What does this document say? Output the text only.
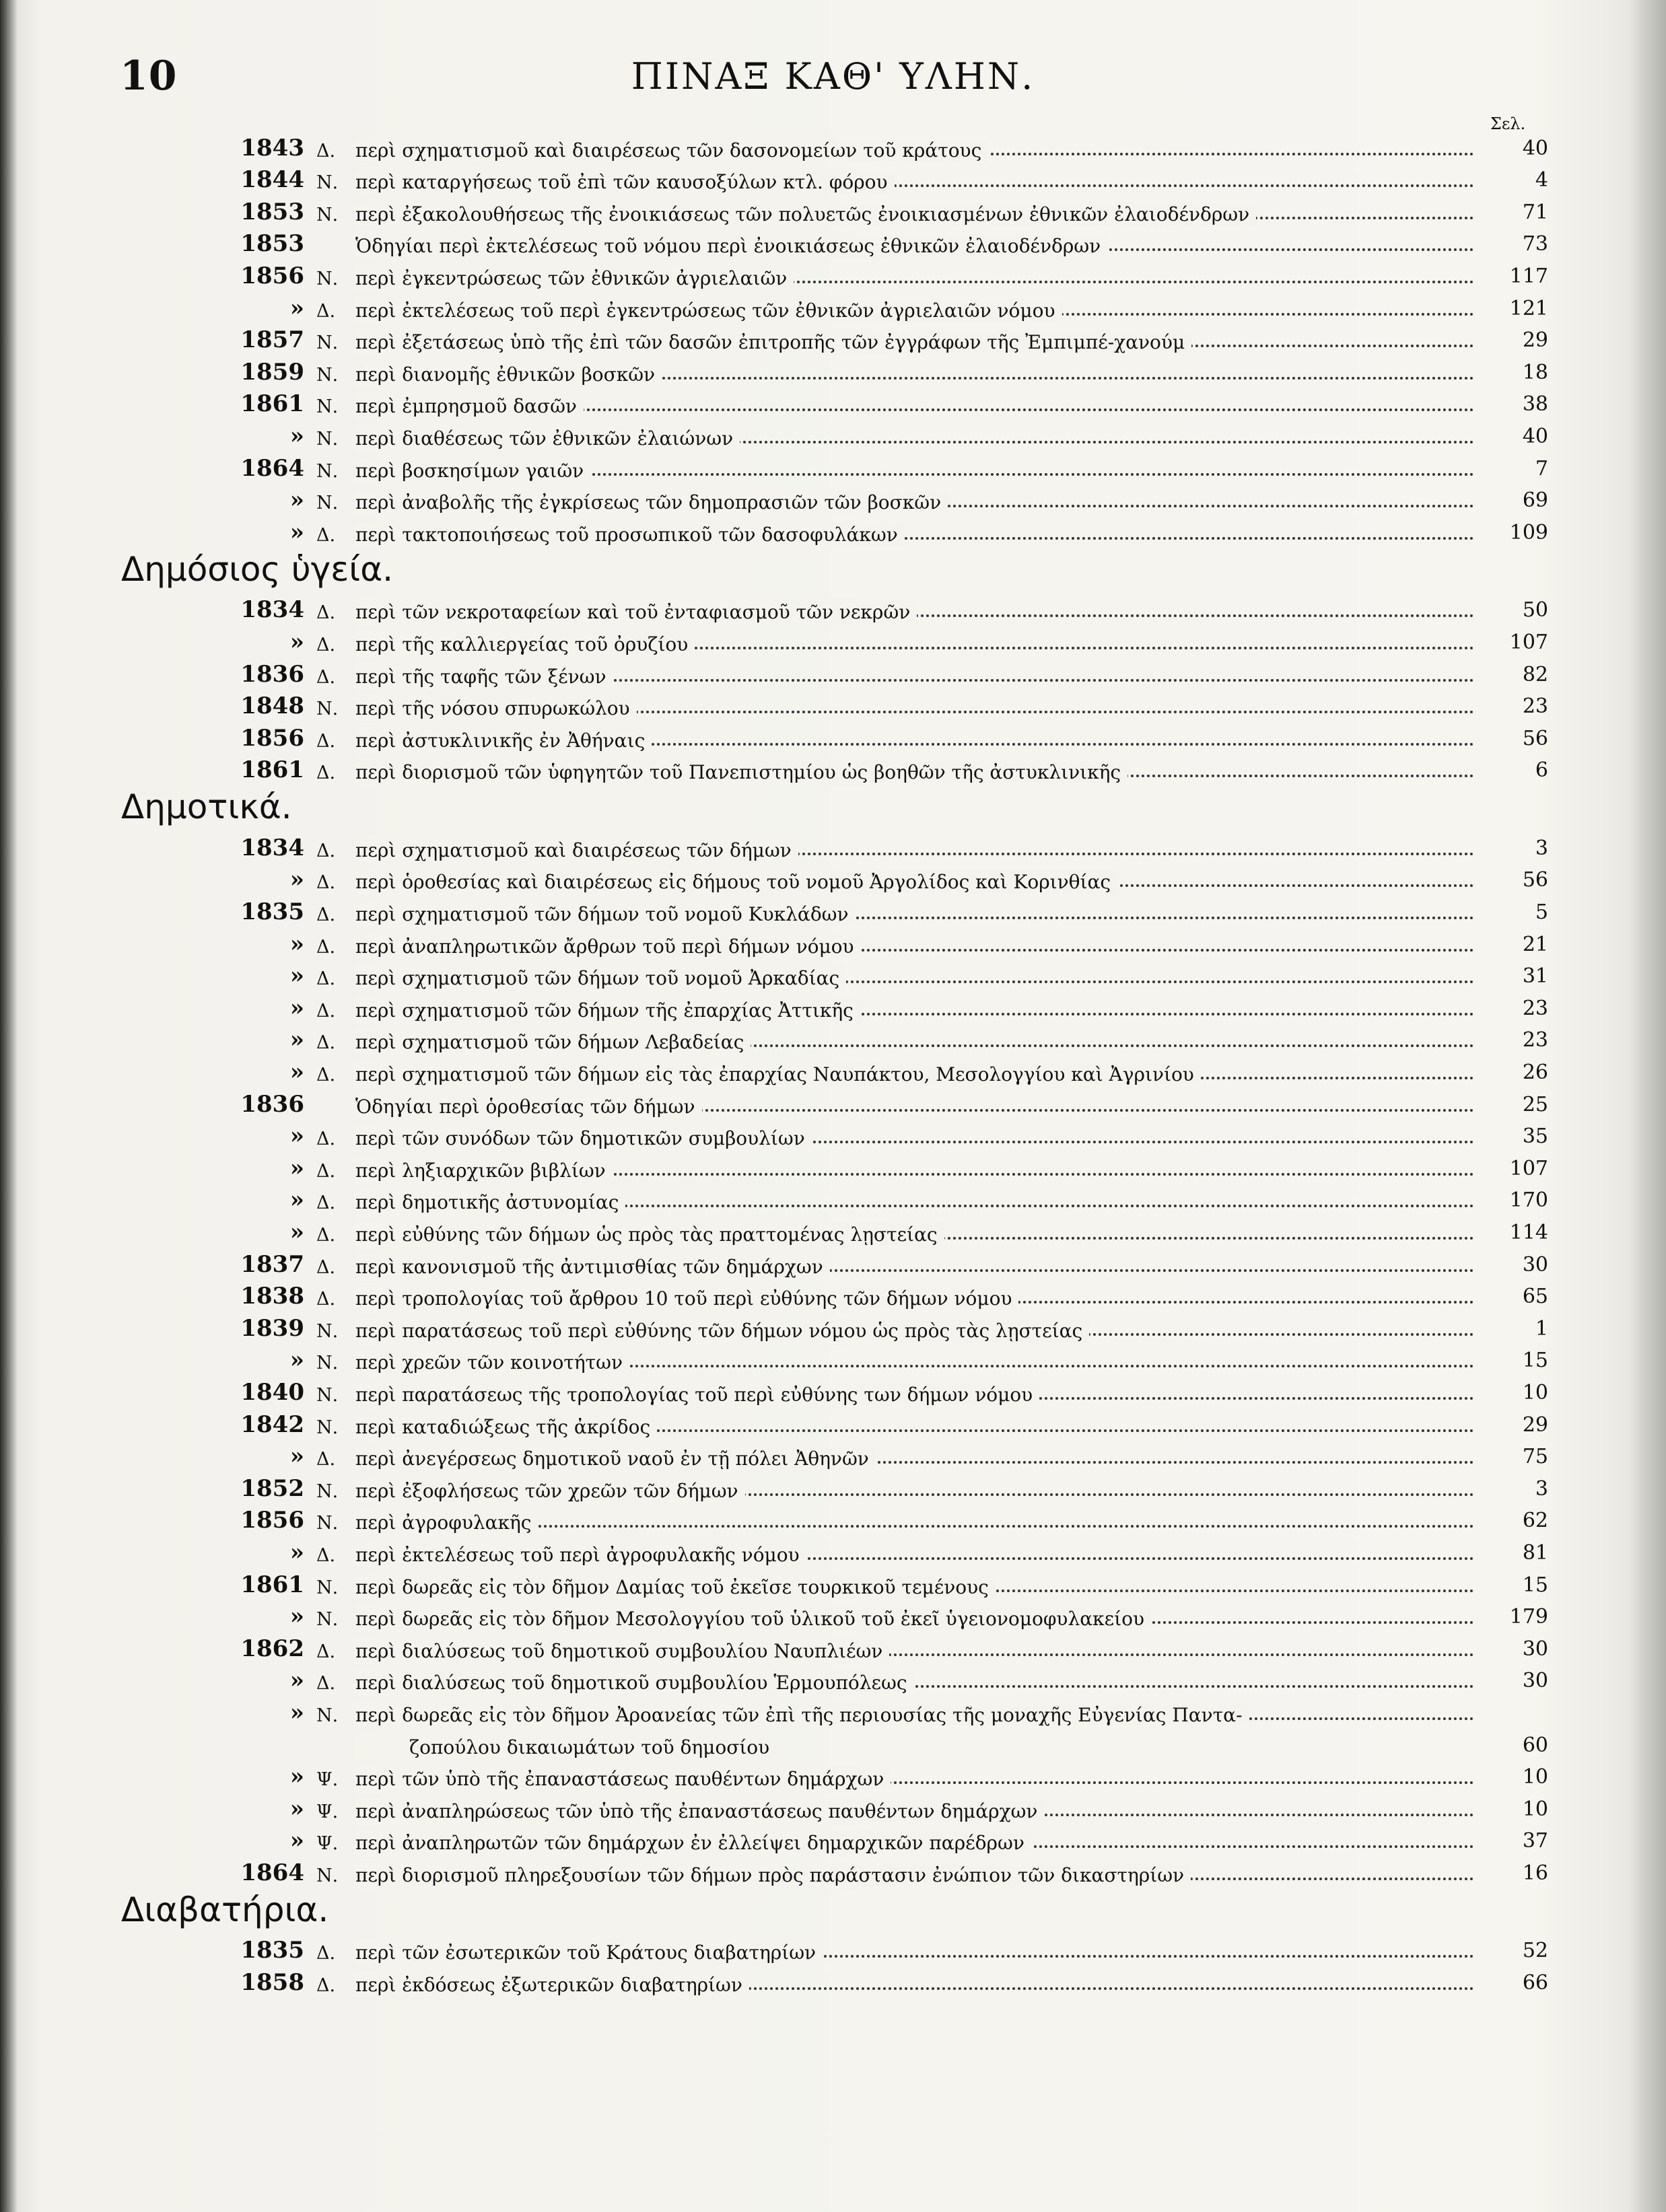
10	ΠΙΝΑΞ ΚΑΘ' ΥΛΗΝ.
Σελ.
1843 Δ.	περὶ σχηματισμοῦ καὶ διαιρέσεως τῶν δασονομείων τοῦ κράτους	40
1844 Ν. περὶ καταργήσεως τοῦ ἐπὶ τῶν καυσοξύλων κτλ. φόρου	4
1853 Ν. περὶ ἐξακολουθήσεως τῆς ἐνοικιάσεως τῶν πολυετῶς ἐνοικιασμένων ἐθνικῶν ἐλαιοδένδρων	71
1853	Ὁδηγίαι περὶ ἐκτελέσεως τοῦ νόμου περὶ ἐνοικιάσεως ἐθνικῶν ἐλαιοδένδρων	73
1856 Ν. περὶ ἐγκεντρώσεως τῶν ἐθνικῶν ἀγριελαιῶν	117
» Δ.	περὶ ἐκτελέσεως τοῦ περὶ ἐγκεντρώσεως τῶν ἐθνικῶν ἀγριελαιῶν νόμου	121
1857 Ν. περὶ ἐξετάσεως ὑπὸ τῆς ἐπὶ τῶν δασῶν ἐπιτροπῆς τῶν ἐγγράφων τῆς Ἐμπιμπέ-χανούμ	29
1859 Ν. περὶ διανομῆς ἐθνικῶν βοσκῶν	18
1861 Ν. περὶ ἐμπρησμοῦ δασῶν	38
» Ν. περὶ διαθέσεως τῶν ἐθνικῶν ἐλαιώνων	40
1864 Ν. περὶ βοσκησίμων γαιῶν	7
» Ν. περὶ ἀναβολῆς τῆς ἐγκρίσεως τῶν δημοπρασιῶν τῶν βοσκῶν	69
» Δ.	περὶ τακτοποιήσεως τοῦ προσωπικοῦ τῶν δασοφυλάκων	109
Δημόσιος ὑγεία.
1834 Δ.	περὶ τῶν νεκροταφείων καὶ τοῦ ἐνταφιασμοῦ τῶν νεκρῶν	50
» Δ.	περὶ τῆς καλλιεργείας τοῦ ὀρυζίου	107
1836 Δ.	περὶ τῆς ταφῆς τῶν ξένων	82
1848 Ν. περὶ τῆς νόσου σπυρωκώλου	23
1856 Δ.	περὶ ἀστυκλινικῆς ἐν Ἀθήναις	56
1861 Δ.	περὶ διορισμοῦ τῶν ὑφηγητῶν τοῦ Πανεπιστημίου ὡς βοηθῶν τῆς ἀστυκλινικῆς	6
Δημοτικά.
1834 Δ.	περὶ σχηματισμοῦ καὶ διαιρέσεως τῶν δήμων	3
» Δ.	περὶ ὁροθεσίας καὶ διαιρέσεως εἰς δήμους τοῦ νομοῦ Ἀργολίδος καὶ Κορινθίας	56
1835 Δ.	περὶ σχηματισμοῦ τῶν δήμων τοῦ νομοῦ Κυκλάδων	5
» Δ.	περὶ ἀναπληρωτικῶν ἄρθρων τοῦ περὶ δήμων νόμου	21
» Δ.	περὶ σχηματισμοῦ τῶν δήμων τοῦ νομοῦ Ἀρκαδίας	31
» Δ.	περὶ σχηματισμοῦ τῶν δήμων τῆς ἐπαρχίας Ἀττικῆς	23
» Δ.	περὶ σχηματισμοῦ τῶν δήμων Λεβαδείας	23
» Δ.	περὶ σχηματισμοῦ τῶν δήμων εἰς τὰς ἐπαρχίας Ναυπάκτου, Μεσολογγίου καὶ Ἀγρινίου	26
1836	Ὁδηγίαι περὶ ὁροθεσίας τῶν δήμων	25
» Δ.	περὶ τῶν συνόδων τῶν δημοτικῶν συμβουλίων	35
» Δ.	περὶ ληξιαρχικῶν βιβλίων	107
» Δ.	περὶ δημοτικῆς ἀστυνομίας	170
» Δ.	περὶ εὐθύνης τῶν δήμων ὡς πρὸς τὰς πραττομένας λῃστείας	114
1837 Δ.	περὶ κανονισμοῦ τῆς ἀντιμισθίας τῶν δημάρχων	30
1838 Δ.	περὶ τροπολογίας τοῦ ἄρθρου 10 τοῦ περὶ εὐθύνης τῶν δήμων νόμου	65
1839 Ν. περὶ παρατάσεως τοῦ περὶ εὐθύνης τῶν δήμων νόμου ὡς πρὸς τὰς λῃστείας	1
» Ν. περὶ χρεῶν τῶν κοινοτήτων	15
1840 Ν. περὶ παρατάσεως τῆς τροπολογίας τοῦ περὶ εὐθύνης των δήμων νόμου	10
1842 Ν. περὶ καταδιώξεως τῆς ἀκρίδος	29
» Δ.	περὶ ἀνεγέρσεως δημοτικοῦ ναοῦ ἐν τῇ πόλει Ἀθηνῶν	75
1852 Ν. περὶ ἐξοφλήσεως τῶν χρεῶν τῶν δήμων	3
1856 Ν. περὶ ἀγροφυλακῆς	62
» Δ.	περὶ ἐκτελέσεως τοῦ περὶ ἀγροφυλακῆς νόμου	81
1861 Ν. περὶ δωρεᾶς εἰς τὸν δῆμον Δαμίας τοῦ ἐκεῖσε τουρκικοῦ τεμένους	15
» Ν. περὶ δωρεᾶς εἰς τὸν δῆμον Μεσολογγίου τοῦ ὑλικοῦ τοῦ ἐκεῖ ὑγειονομοφυλακείου	179
1862 Δ.	περὶ διαλύσεως τοῦ δημοτικοῦ συμβουλίου Ναυπλιέων	30
» Δ.	περὶ διαλύσεως τοῦ δημοτικοῦ συμβουλίου Ἑρμουπόλεως	30
» Ν. περὶ δωρεᾶς εἰς τὸν δῆμον Ἀροανείας τῶν ἐπὶ τῆς περιουσίας τῆς μοναχῆς Εὐγενίας Παντα-
ζοπούλου δικαιωμάτων τοῦ δημοσίου	60
» Ψ. περὶ τῶν ὑπὸ τῆς ἐπαναστάσεως παυθέντων δημάρχων	10
» Ψ. περὶ ἀναπληρώσεως τῶν ὑπὸ τῆς ἐπαναστάσεως παυθέντων δημάρχων	10
» Ψ. περὶ ἀναπληρωτῶν τῶν δημάρχων ἐν ἐλλείψει δημαρχικῶν παρέδρων	37
1864 Ν. περὶ διορισμοῦ πληρεξουσίων τῶν δήμων πρὸς παράστασιν ἐνώπιον τῶν δικαστηρίων	16
Διαβατήρια.
1835 Δ.	περὶ τῶν ἐσωτερικῶν τοῦ Κράτους διαβατηρίων	52
1858 Δ.	περὶ ἐκδόσεως ἐξωτερικῶν διαβατηρίων	66
